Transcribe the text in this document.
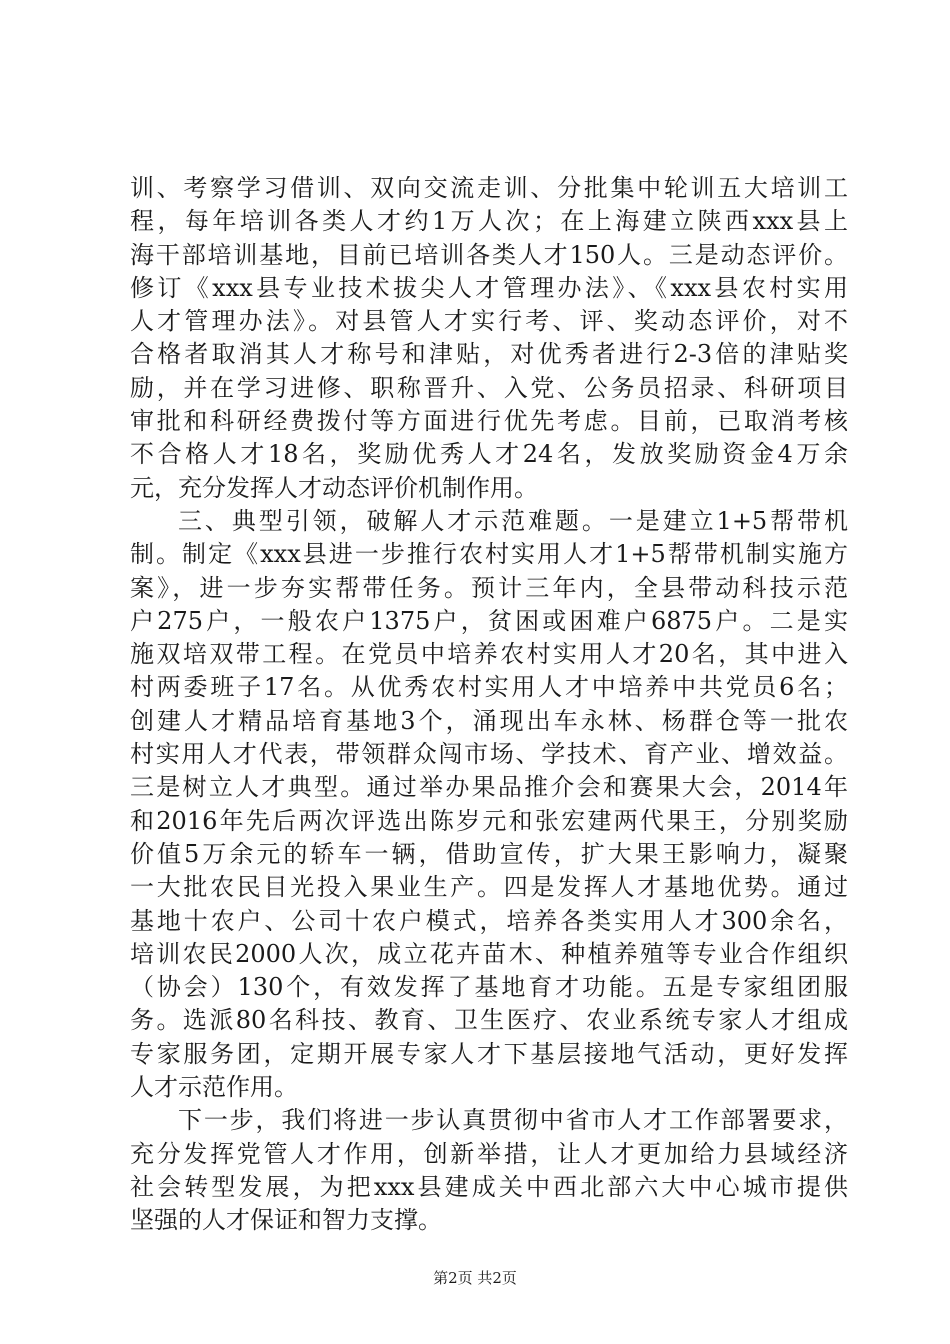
训、考察学习借训、双向交流走训、分批集中轮训五大培训工
程，每年培训各类人才约1万人次；在上海建立陕西xxx县上
海干部培训基地，目前已培训各类人才150人。三是动态评价。
修订《xxx县专业技术拔尖人才管理办法》、《xxx县农村实用
人才管理办法》。对县管人才实行考、评、奖动态评价，对不
合格者取消其人才称号和津贴，对优秀者进行2-3倍的津贴奖
励，并在学习进修、职称晋升、入党、公务员招录、科研项目
审批和科研经费拨付等方面进行优先考虑。目前，已取消考核
不合格人才18名，奖励优秀人才24名，发放奖励资金4万余
元，充分发挥人才动态评价机制作用。
三、典型引领，破解人才示范难题。一是建立1+5帮带机
制。制定《xxx县进一步推行农村实用人才1+5帮带机制实施方
案》，进一步夯实帮带任务。预计三年内，全县带动科技示范
户275户，一般农户1375户，贫困或困难户6875户。二是实
施双培双带工程。在党员中培养农村实用人才20名，其中进入
村两委班子17名。从优秀农村实用人才中培养中共党员6名；
创建人才精品培育基地3个，涌现出车永林、杨群仓等一批农
村实用人才代表，带领群众闯市场、学技术、育产业、增效益。
三是树立人才典型。通过举办果品推介会和赛果大会，2014年
和2016年先后两次评选出陈岁元和张宏建两代果王，分别奖励
价值5万余元的轿车一辆，借助宣传，扩大果王影响力，凝聚
一大批农民目光投入果业生产。四是发挥人才基地优势。通过
基地十农户、公司十农户模式，培养各类实用人才300余名，
培训农民2000人次，成立花卉苗木、种植养殖等专业合作组织
（协会）130个，有效发挥了基地育才功能。五是专家组团服
务。选派80名科技、教育、卫生医疗、农业系统专家人才组成
专家服务团，定期开展专家人才下基层接地气活动，更好发挥
人才示范作用。
下一步，我们将进一步认真贯彻中省市人才工作部署要求，
充分发挥党管人才作用，创新举措，让人才更加给力县域经济
社会转型发展，为把xxx县建成关中西北部六大中心城市提供
坚强的人才保证和智力支撑。
第2页 共2页
